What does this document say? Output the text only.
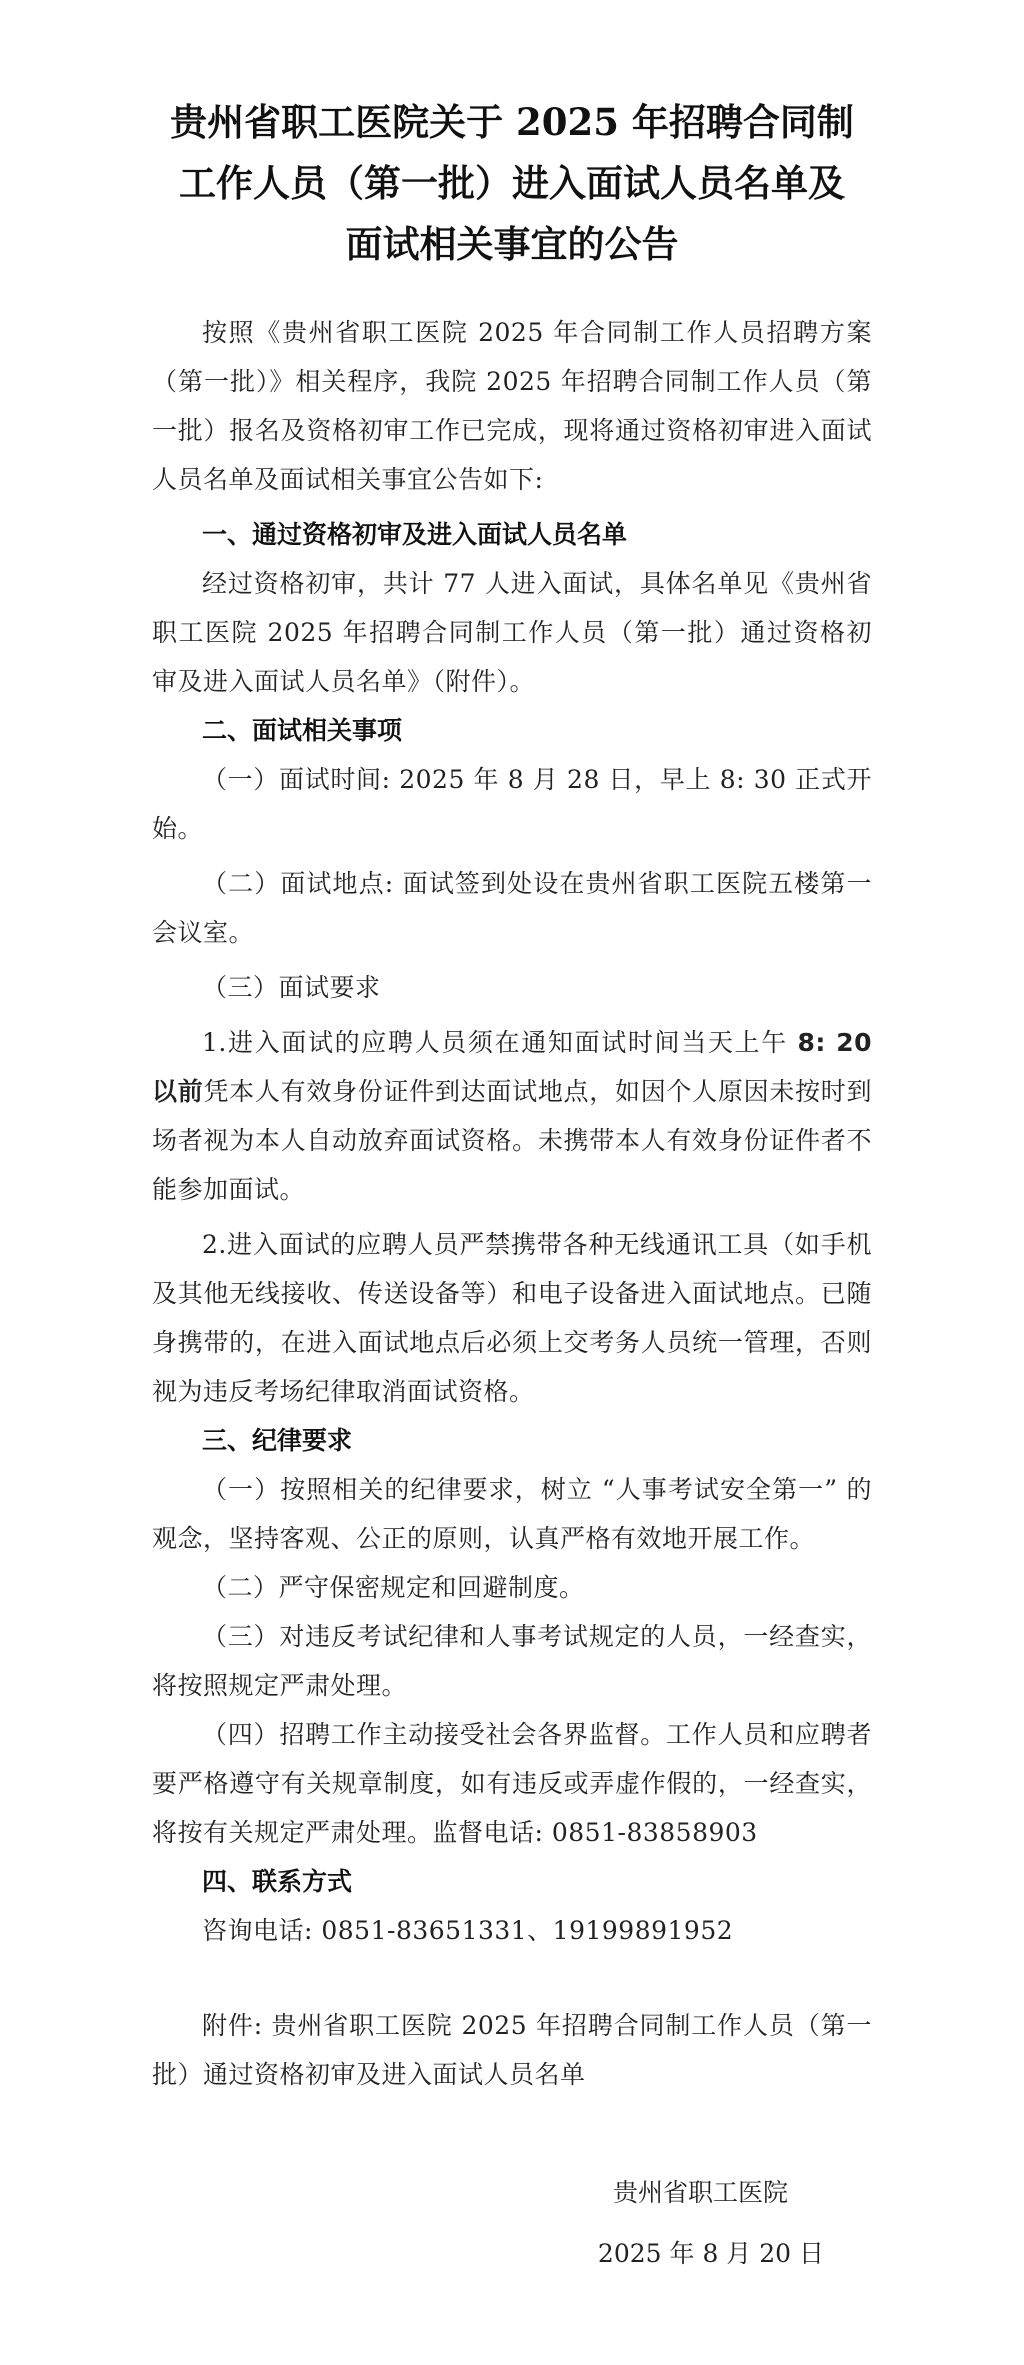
贵州省职工医院关于 2025 年招聘合同制
工作人员（第一批）进入面试人员名单及
面试相关事宜的公告

按照《贵州省职工医院 2025 年合同制工作人员招聘方案（第一批）》相关程序，我院 2025 年招聘合同制工作人员（第一批）报名及资格初审工作已完成，现将通过资格初审进入面试人员名单及面试相关事宜公告如下:

一、通过资格初审及进入面试人员名单

经过资格初审，共计 77 人进入面试，具体名单见《贵州省职工医院 2025 年招聘合同制工作人员（第一批）通过资格初审及进入面试人员名单》（附件）。

二、面试相关事项

（一）面试时间: 2025 年 8 月 28 日，早上 8: 30 正式开始。

（二）面试地点: 面试签到处设在贵州省职工医院五楼第一会议室。

（三）面试要求

1.进入面试的应聘人员须在通知面试时间当天上午 8: 20 以前凭本人有效身份证件到达面试地点，如因个人原因未按时到场者视为本人自动放弃面试资格。未携带本人有效身份证件者不能参加面试。

2.进入面试的应聘人员严禁携带各种无线通讯工具（如手机及其他无线接收、传送设备等）和电子设备进入面试地点。已随身携带的，在进入面试地点后必须上交考务人员统一管理，否则视为违反考场纪律取消面试资格。

三、纪律要求

（一）按照相关的纪律要求，树立 “人事考试安全第一” 的观念，坚持客观、公正的原则，认真严格有效地开展工作。

（二）严守保密规定和回避制度。

（三）对违反考试纪律和人事考试规定的人员，一经查实，将按照规定严肃处理。

（四）招聘工作主动接受社会各界监督。工作人员和应聘者要严格遵守有关规章制度，如有违反或弄虚作假的，一经查实，将按有关规定严肃处理。监督电话: 0851-83858903

四、联系方式

咨询电话: 0851-83651331、19199891952

附件: 贵州省职工医院 2025 年招聘合同制工作人员（第一批）通过资格初审及进入面试人员名单

贵州省职工医院
2025 年 8 月 20 日
